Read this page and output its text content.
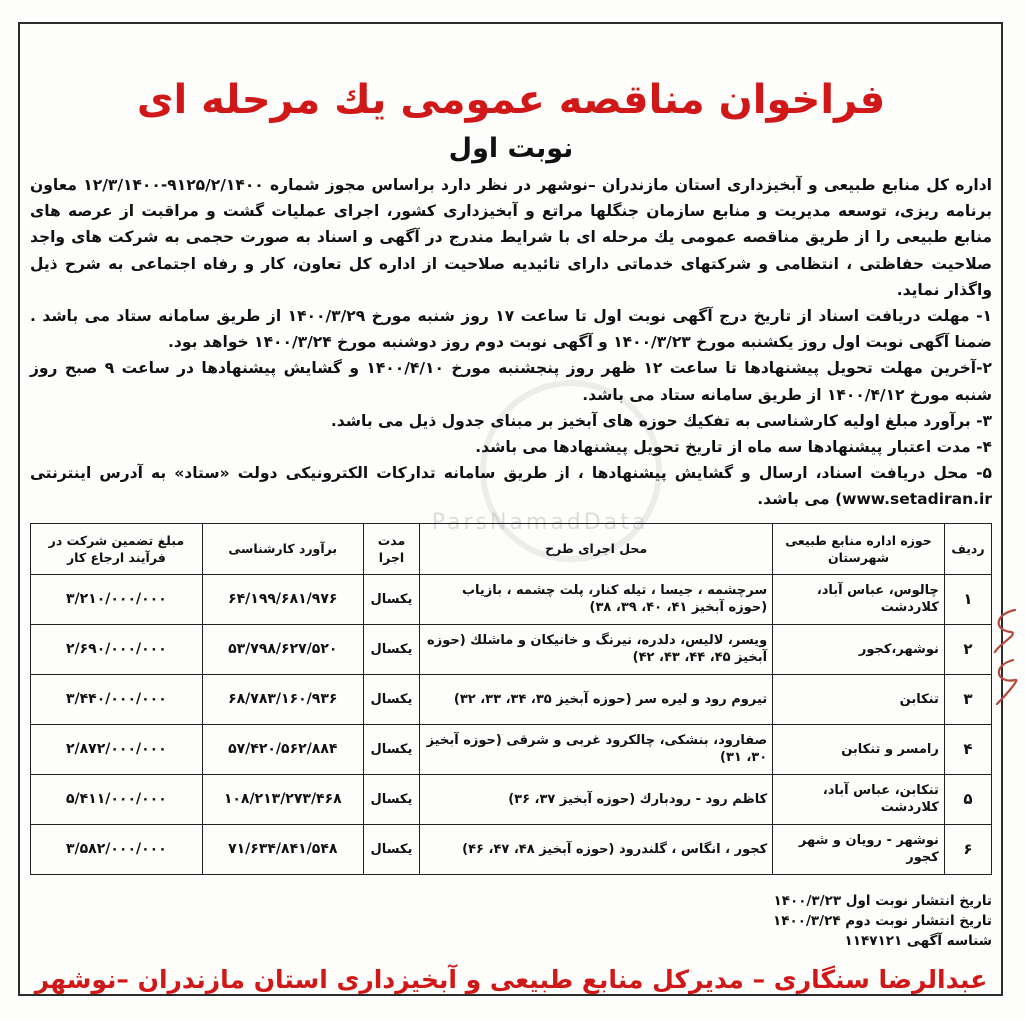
ParsNamadData
فراخوان مناقصه عمومی یك مرحله ای
نوبت اول

اداره کل منابع طبیعی و آبخیزداری استان مازندران –نوشهر در نظر دارد براساس مجوز شماره ۹۱۲۵/۲/۱۴۰۰-۱۲/۳/۱۴۰۰ معاون برنامه ریزی، توسعه مدیریت و منابع سازمان جنگلها مراتع و آبخیزداری کشور، اجرای عملیات گشت و مراقبت از عرصه های منابع طبیعی را از طریق مناقصه عمومی یك مرحله ای با شرایط مندرج در آگهی و اسناد به صورت حجمی به شرکت های واجد صلاحیت حفاظتی ، انتظامی و شرکتهای خدماتی دارای تائیدیه صلاحیت از اداره کل تعاون، کار و رفاه اجتماعی به شرح ذیل واگذار نماید.

۱- مهلت دریافت اسناد از تاریخ درج آگهی نوبت اول تا ساعت ۱۷ روز شنبه مورخ ۱۴۰۰/۳/۲۹ از طریق سامانه ستاد می باشد . ضمنا آگهی نوبت اول روز یکشنبه مورخ ۱۴۰۰/۳/۲۳ و آگهی نوبت دوم روز دوشنبه مورخ ۱۴۰۰/۳/۲۴ خواهد بود.

۲-آخرین مهلت تحویل پیشنهادها تا ساعت ۱۲ ظهر روز پنجشنبه مورخ ۱۴۰۰/۴/۱۰ و گشایش پیشنهادها در ساعت ۹ صبح روز شنبه مورخ ۱۴۰۰/۴/۱۲ از طریق سامانه ستاد می باشد.

۳- برآورد مبلغ اولیه کارشناسی به تفکیك حوزه های آبخیز بر مبنای جدول ذیل می باشد.

۴- مدت اعتبار پیشنهادها سه ماه از تاریخ تحویل پیشنهادها می باشد.

۵- محل دریافت اسناد، ارسال و گشایش پیشنهادها ، از طریق سامانه تدارکات الکترونیکی دولت «ستاد» به آدرس اینترنتی (www.setadiran.ir می باشد.

ردیف	حوزه اداره منابع طبیعی شهرستان	محل اجرای طرح	مدت اجرا	برآورد کارشناسی	مبلغ تضمین شرکت در فرآیند ارجاع کار
۱	چالوس، عباس آباد، کلاردشت	سرچشمه ، جیسا ، تیله کنار، پلت چشمه ، بازیاب (حوزه آبخیز ۴۱، ۴۰، ۳۹، ۳۸)	یکسال	۶۴/۱۹۹/۶۸۱/۹۷۶	۳/۲۱۰/۰۰۰/۰۰۰
۲	نوشهر،کجور	ویسر، لالیس، دلدره، نیرنگ و خانیکان و ماشلك (حوزه آبخیز ۴۵، ۴۴، ۴۳، ۴۲)	یکسال	۵۳/۷۹۸/۶۲۷/۵۲۰	۲/۶۹۰/۰۰۰/۰۰۰
۳	تنکابن	تیروم رود و لیره سر (حوزه آبخیز ۳۵، ۳۴، ۳۳، ۳۲)	یکسال	۶۸/۷۸۳/۱۶۰/۹۳۶	۳/۴۴۰/۰۰۰/۰۰۰
۴	رامسر و تنکابن	صفارود، بنشکی، چالکرود غربی و شرقی (حوزه آبخیز ۳۰، ۳۱)	یکسال	۵۷/۴۲۰/۵۶۲/۸۸۴	۲/۸۷۲/۰۰۰/۰۰۰
۵	تنکابن، عباس آباد، کلاردشت	کاظم رود - رودبارك (حوزه آبخیز ۳۷، ۳۶)	یکسال	۱۰۸/۲۱۳/۲۷۳/۴۶۸	۵/۴۱۱/۰۰۰/۰۰۰
۶	نوشهر - رویان و شهر کجور	کجور ، انگاس ، گلندرود (حوزه آبخیز ۴۸، ۴۷، ۴۶)	یکسال	۷۱/۶۳۴/۸۴۱/۵۴۸	۳/۵۸۲/۰۰۰/۰۰۰
تاریخ انتشار نوبت اول ۱۴۰۰/۳/۲۳
تاریخ انتشار نوبت دوم ۱۴۰۰/۳/۲۴
شناسه آگهی ۱۱۴۷۱۲۱
عبدالرضا سنگاری – مدیرکل منابع طبیعی و آبخیزداری استان مازندران –نوشهر
